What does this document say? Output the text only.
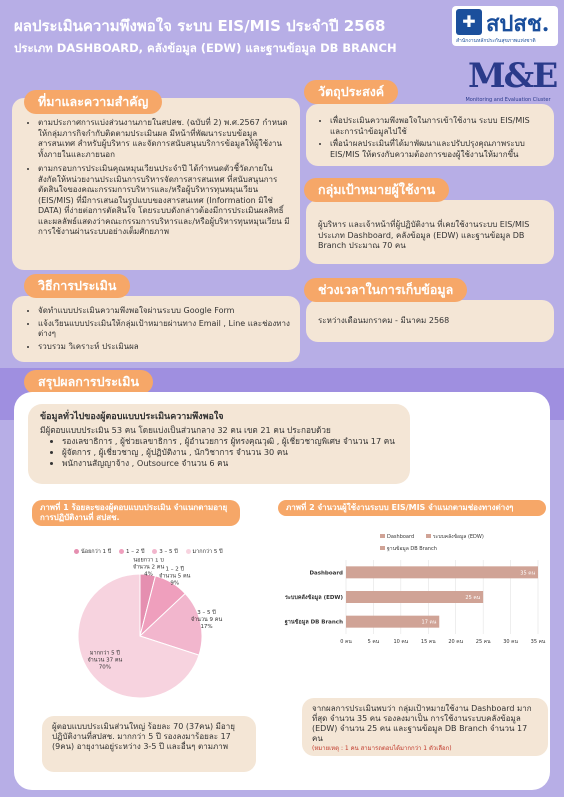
ผลประเมินความพึงพอใจ ระบบ EIS/MIS ประจำปี 2568
ประเภท DASHBOARD, คลังข้อมูล (EDW) และฐานข้อมูล DB BRANCH
✚ สปสช.
สำนักงานหลักประกันสุขภาพแห่งชาติ
M&E
Monitoring and Evaluation Cluster
• ตามประกาศการแบ่งส่วนงานภายในสปสช. (ฉบับที่ 2) พ.ศ.2567 กำหนดให้กลุ่มภารกิจกำกับติดตามประเมินผล มีหน้าที่พัฒนาระบบข้อมูลสารสนเทศ สำหรับผู้บริหาร และจัดการสนับสนุนบริการข้อมูลให้ผู้ใช้งานทั้งภายในและภายนอก
• ตามกรอบการประเมินคุณหมุนเวียนประจำปี ได้กำหนดตัวชี้วัดภายในสังกัดให้หน่วยงานประเมินการบริหารจัดการสารสนเทศ ที่สนับสนุนการตัดสินใจของคณะกรรมการบริหารและ/หรือผู้บริหารทุนหมุนเวียน (EIS/MIS) ที่มีการเสนอในรูปแบบของสารสนเทศ (Information มิใช่ DATA) ที่ง่ายต่อการตัดสินใจ โดยระบบดังกล่าวต้องมีการประเมินผลสิทธิ์ และผลลัพธ์แสดงว่าคณะกรรมการบริหารและ/หรือผู้บริหารทุนหมุนเวียน มีการใช้งานผ่านระบบอย่างเต็มศักยภาพ
ที่มาและความสำคัญ
• เพื่อประเมินความพึงพอใจในการเข้าใช้งาน ระบบ EIS/MIS และการนำข้อมูลไปใช้
• เพื่อนำผลประเมินที่ได้มาพัฒนาและปรับปรุงคุณภาพระบบ EIS/MIS ให้ตรงกับความต้องการของผู้ใช้งานให้มากขึ้น
วัตถุประสงค์
ผู้บริหาร และเจ้าหน้าที่ผู้ปฏิบัติงาน ที่เคยใช้งานระบบ EIS/MIS ประเภท Dashboard, คลังข้อมูล (EDW) และฐานข้อมูล DB Branch ประมาณ 70 คน
กลุ่มเป้าหมายผู้ใช้งาน
• จัดทำแบบประเมินความพึงพอใจผ่านระบบ Google Form
• แจ้งเวียนแบบประเมินให้กลุ่มเป้าหมายผ่านทาง Email , Line และช่องทางต่างๆ
• รวบรวม วิเคราะห์ ประเมินผล
วิธีการประเมิน
ระหว่างเดือนมกราคม - มีนาคม 2568
ช่วงเวลาในการเก็บข้อมูล
สรุปผลการประเมิน
ข้อมูลทั่วไปของผู้ตอบแบบประเมินความพึงพอใจ
มีผู้ตอบแบบประเมิน 53 คน โดยแบ่งเป็นส่วนกลาง 32 คน เขต 21 คน ประกอบด้วย
• รองเลขาธิการ , ผู้ช่วยเลขาธิการ , ผู้อำนวยการ ผู้ทรงคุณวุฒิ , ผู้เชี่ยวชาญพิเศษ จำนวน 17 คน
• ผู้จัดการ , ผู้เชี่ยวชาญ , ผู้ปฏิบัติงาน , นักวิชาการ จำนวน 30 คน
• พนักงานสัญญาจ้าง , Outsource จำนวน 6 คน
ภาพที่ 1 ร้อยละของผู้ตอบแบบประเมิน จำแนกตามอายุการปฏิบัติงานที่ สปสช.
น้อยกว่า 1 ปี	1 – 2 ปี	3 – 5 ปี	มากกว่า 5 ปี
น้อยกว่า 1 ปี
จำนวน 2 คน
4%
1 – 2 ปี
จำนวน 5 คน
9%
3 – 5 ปี
จำนวน 9 คน
17%
มากกว่า 5 ปี
จำนวน 37 คน
70%
ผู้ตอบแบบประเมินส่วนใหญ่ ร้อยละ 70 (37คน) มีอายุปฏิบัติงานที่สปสช. มากกว่า 5 ปี รองลงมาร้อยละ 17 (9คน) อายุงานอยู่ระหว่าง 3-5 ปี และอื่นๆ ตามภาพ
ภาพที่ 2 จำนวนผู้ใช้งานระบบ EIS/MIS จำแนกตามช่องทางต่างๆ
Dashboard	ระบบคลังข้อมูล (EDW)
ฐานข้อมูล DB Branch
0 คน	5 คน	10 คน	15 คน	20 คน	25 คน	30 คน	35 คน
Dashboard	35 คน
ระบบคลังข้อมูล (EDW)	25 คน
ฐานข้อมูล DB Branch	17 คน
จากผลการประเมินพบว่า กลุ่มเป้าหมายใช้งาน Dashboard มากที่สุด จำนวน 35 คน รองลงมาเป็น การใช้งานระบบคลังข้อมูล (EDW) จำนวน 25 คน และฐานข้อมูล DB Branch จำนวน 17 คน
(หมายเหตุ : 1 คน สามารถตอบได้มากกว่า 1 ตัวเลือก)
